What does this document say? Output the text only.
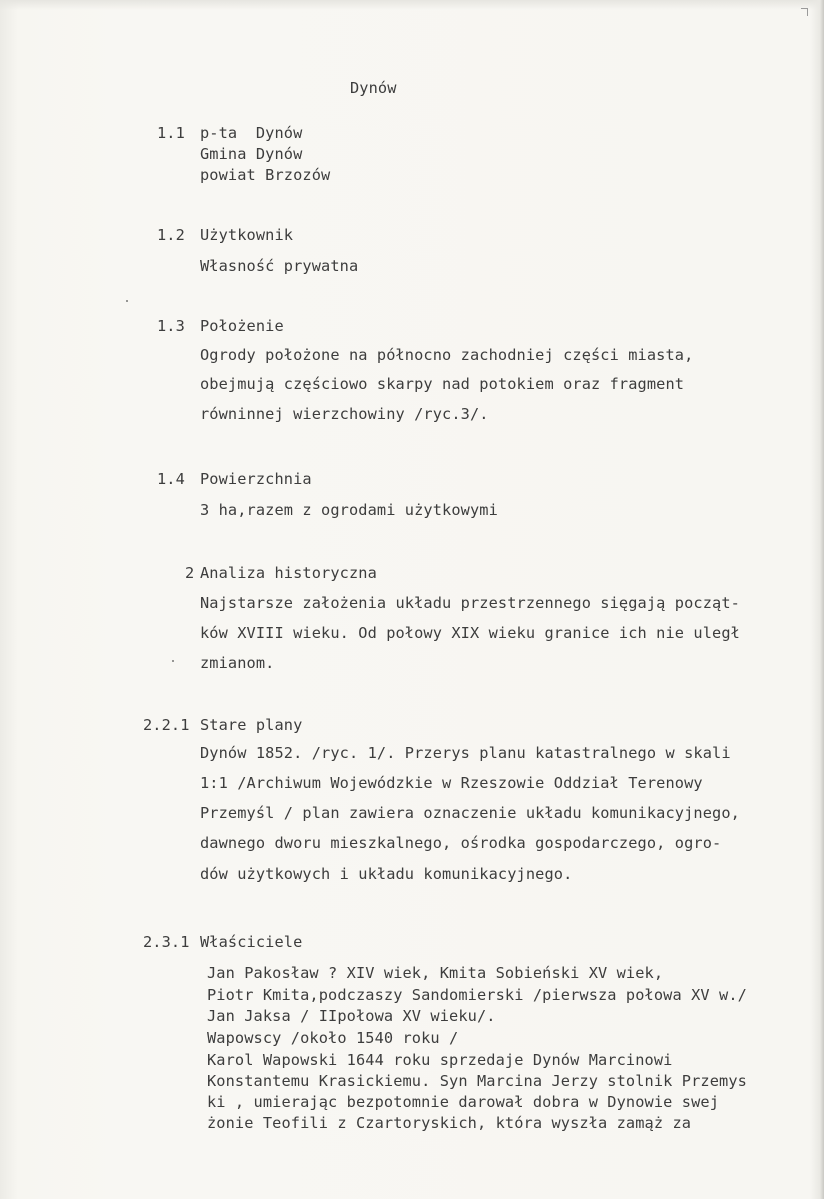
Dynów
1.1 p-ta  Dynów
Gmina Dynów
powiat Brzozów
1.2 Użytkownik
Własność prywatna
1.3 Położenie
Ogrody położone na północno zachodniej części miasta,
obejmują częściowo skarpy nad potokiem oraz fragment
równinnej wierzchowiny /ryc.3/.
1.4 Powierzchnia
3 ha,razem z ogrodami użytkowymi
2 Analiza historyczna
Najstarsze założenia układu przestrzennego sięgają począt-
ków XVIII wieku. Od połowy XIX wieku granice ich nie uległ
zmianom.
2.2.1 Stare plany
Dynów 1852. /ryc. 1/. Przerys planu katastralnego w skali
1:1 /Archiwum Wojewódzkie w Rzeszowie Oddział Terenowy
Przemyśl / plan zawiera oznaczenie układu komunikacyjnego,
dawnego dworu mieszkalnego, ośrodka gospodarczego, ogro-
dów użytkowych i układu komunikacyjnego.
2.3.1 Właściciele
Jan Pakosław ? XIV wiek, Kmita Sobieński XV wiek,
Piotr Kmita,podczaszy Sandomierski /pierwsza połowa XV w./
Jan Jaksa / IIpołowa XV wieku/.
Wapowscy /około 1540 roku /
Karol Wapowski 1644 roku sprzedaje Dynów Marcinowi
Konstantemu Krasickiemu. Syn Marcina Jerzy stolnik Przemys
ki , umierając bezpotomnie darował dobra w Dynowie swej
żonie Teofili z Czartoryskich, która wyszła zamąż za
